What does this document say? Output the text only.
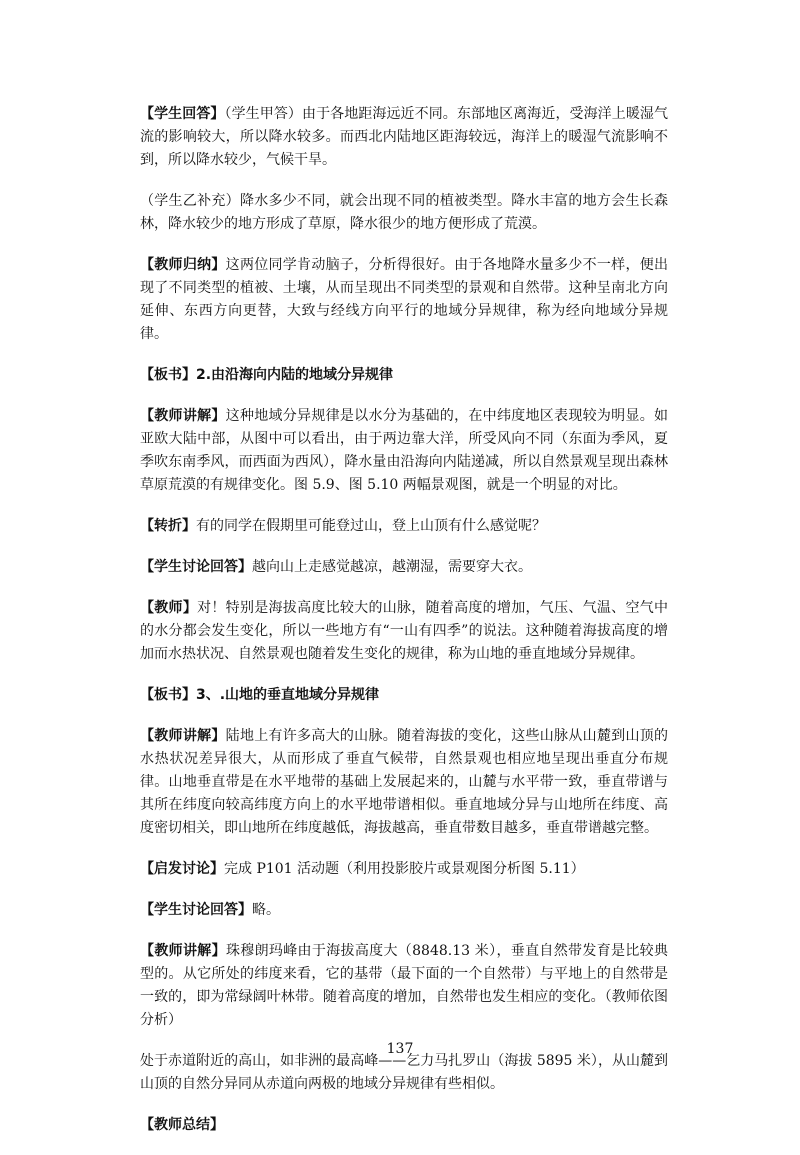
【学生回答】（学生甲答）由于各地距海远近不同。东部地区离海近，受海洋上暖湿气流的影响较大，所以降水较多。而西北内陆地区距海较远，海洋上的暖湿气流影响不到，所以降水较少，气候干旱。

（学生乙补充）降水多少不同，就会出现不同的植被类型。降水丰富的地方会生长森林，降水较少的地方形成了草原，降水很少的地方便形成了荒漠。

【教师归纳】这两位同学肯动脑子，分析得很好。由于各地降水量多少不一样，便出现了不同类型的植被、土壤，从而呈现出不同类型的景观和自然带。这种呈南北方向延伸、东西方向更替，大致与经线方向平行的地域分异规律，称为经向地域分异规律。

【板书】2.由沿海向内陆的地域分异规律

【教师讲解】这种地域分异规律是以水分为基础的，在中纬度地区表现较为明显。如亚欧大陆中部，从图中可以看出，由于两边靠大洋，所受风向不同（东面为季风，夏季吹东南季风，而西面为西风），降水量由沿海向内陆递减，所以自然景观呈现出森林草原荒漠的有规律变化。图 5.9、图 5.10 两幅景观图，就是一个明显的对比。

【转折】有的同学在假期里可能登过山，登上山顶有什么感觉呢？

【学生讨论回答】越向山上走感觉越凉，越潮湿，需要穿大衣。

【教师】对！特别是海拔高度比较大的山脉，随着高度的增加，气压、气温、空气中的水分都会发生变化，所以一些地方有“一山有四季”的说法。这种随着海拔高度的增加而水热状况、自然景观也随着发生变化的规律，称为山地的垂直地域分异规律。

【板书】3、.山地的垂直地域分异规律

【教师讲解】陆地上有许多高大的山脉。随着海拔的变化，这些山脉从山麓到山顶的水热状况差异很大，从而形成了垂直气候带，自然景观也相应地呈现出垂直分布规律。山地垂直带是在水平地带的基础上发展起来的，山麓与水平带一致，垂直带谱与其所在纬度向较高纬度方向上的水平地带谱相似。垂直地域分异与山地所在纬度、高度密切相关，即山地所在纬度越低，海拔越高，垂直带数目越多，垂直带谱越完整。

【启发讨论】完成 P101 活动题（利用投影胶片或景观图分析图 5.11）

【学生讨论回答】略。

【教师讲解】珠穆朗玛峰由于海拔高度大（8848.13 米），垂直自然带发育是比较典型的。从它所处的纬度来看，它的基带（最下面的一个自然带）与平地上的自然带是一致的，即为常绿阔叶林带。随着高度的增加，自然带也发生相应的变化。（教师依图分析）

处于赤道附近的高山，如非洲的最高峰——乞力马扎罗山（海拔 5895 米），从山麓到山顶的自然分异同从赤道向两极的地域分异规律有些相似。

【教师总结】

137
